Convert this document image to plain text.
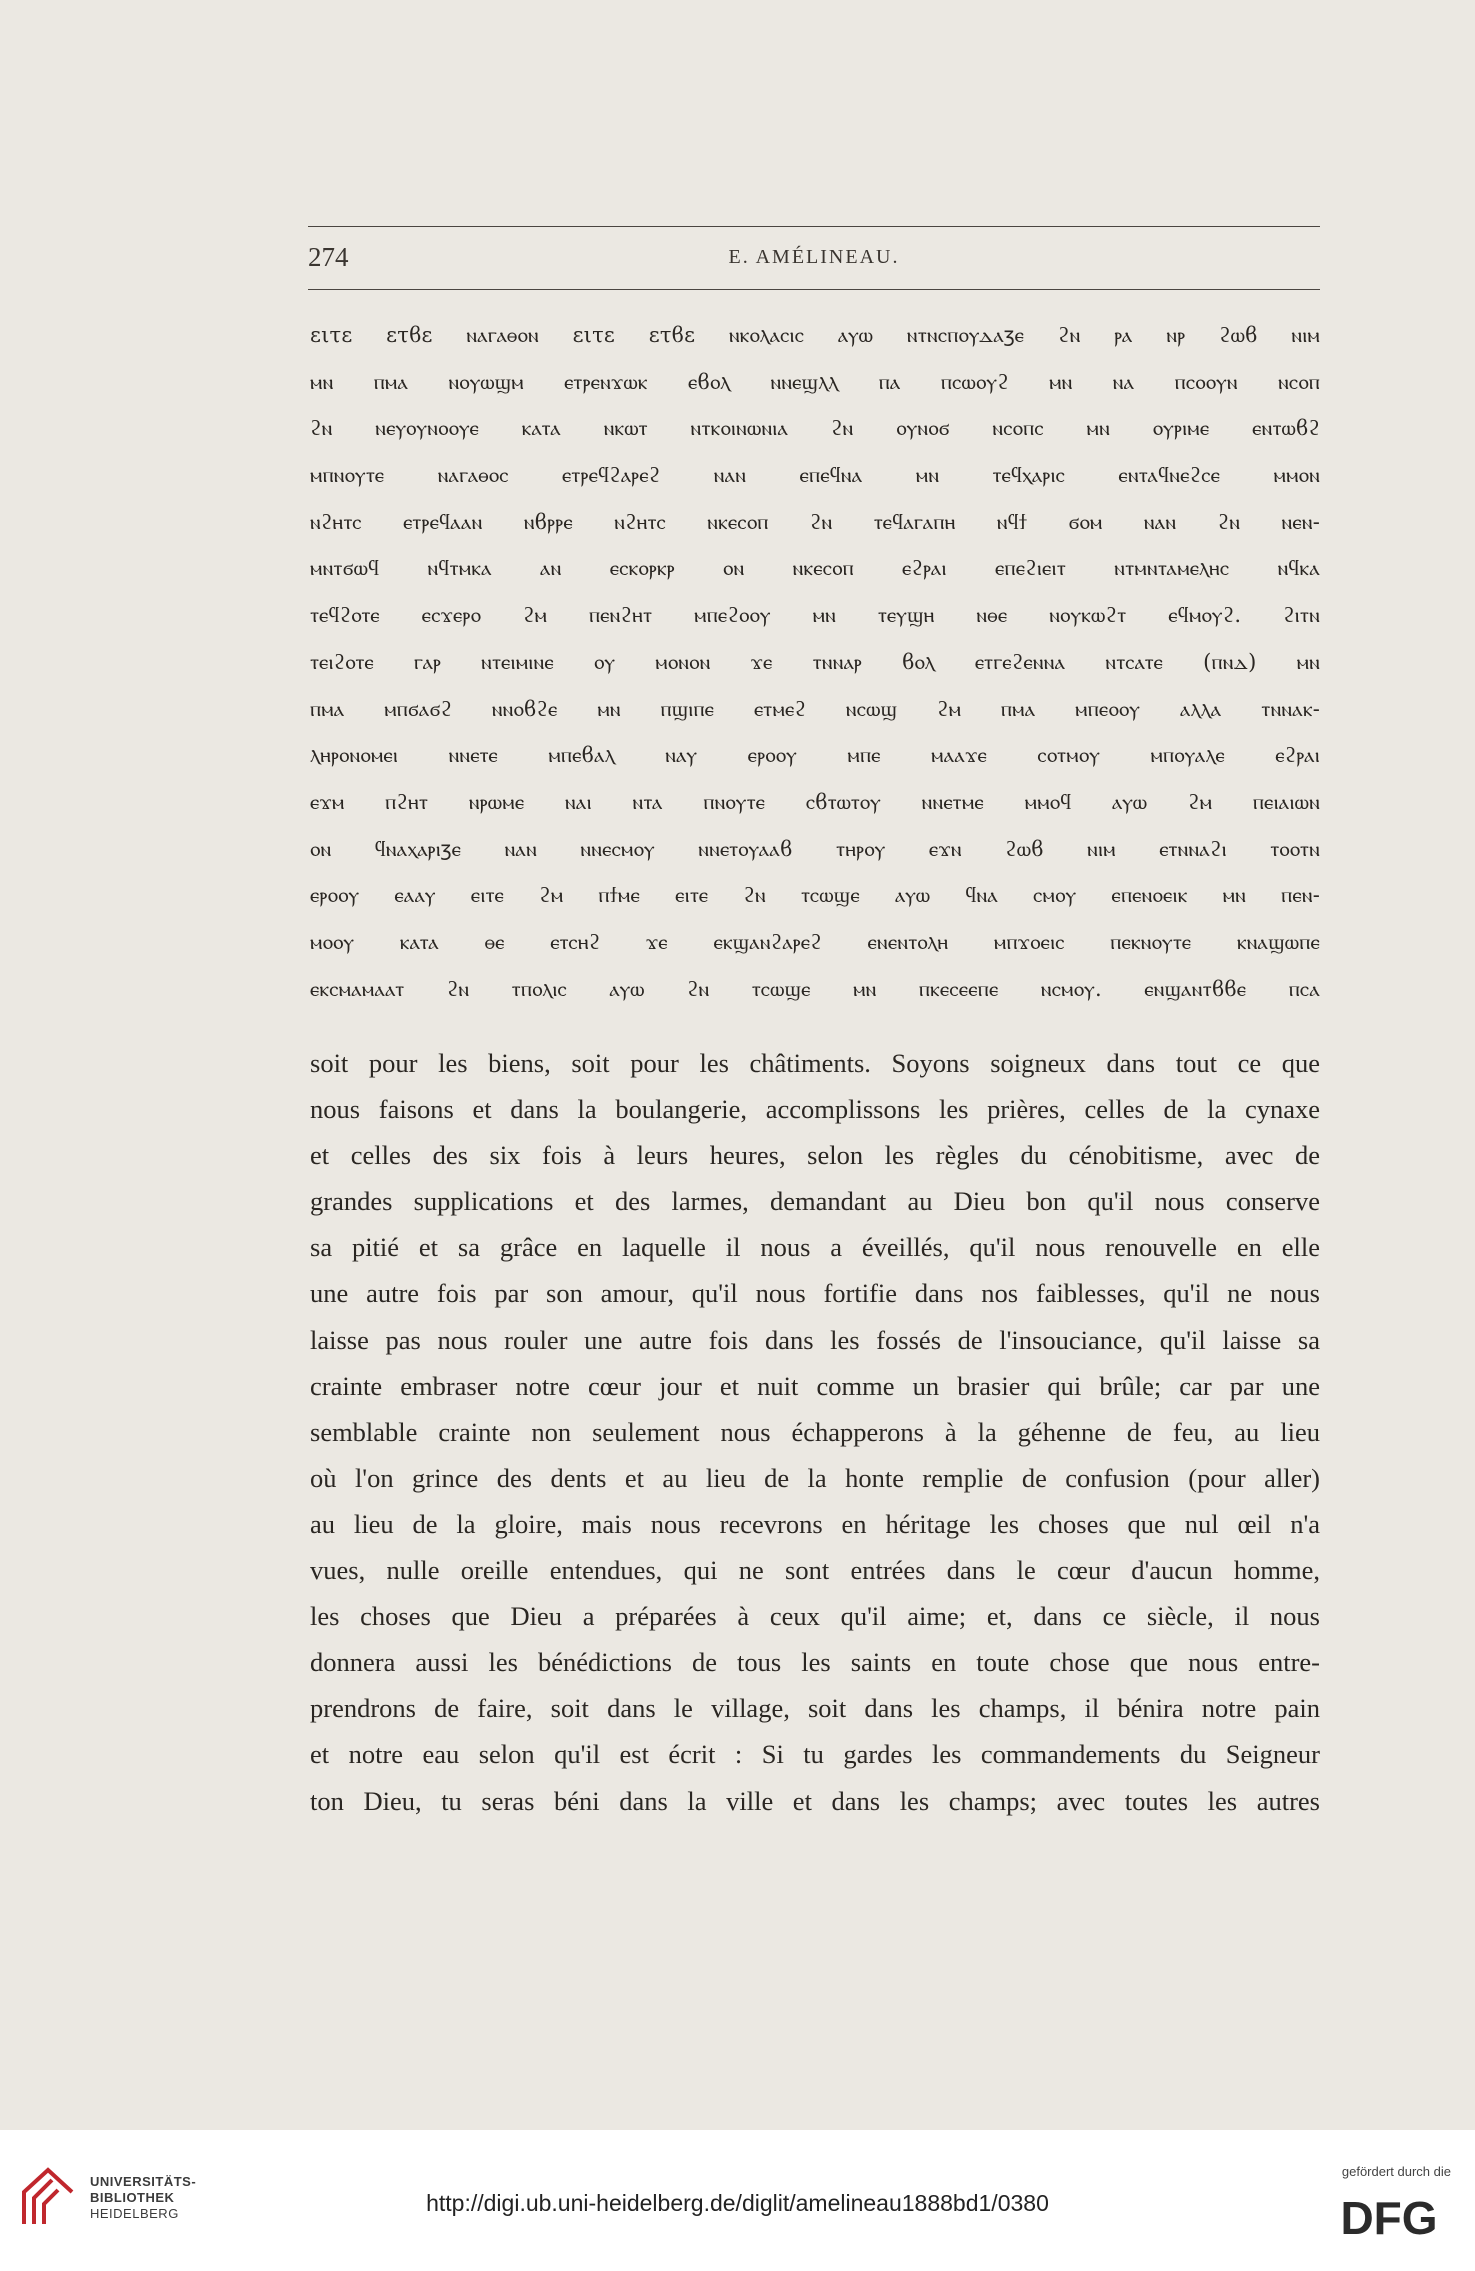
274	E. AMÉLINEAU.
ειτε ετϐε ⲛⲁⲅⲁⲑⲟⲛ ειτε ετϐε ⲛⲕⲟⲗⲁⲥⲓⲥ ⲁⲩⲱ ⲛⲧⲛⲥⲡⲟⲩⲇⲁⳅⲉ ϩⲛ ⲣⲁ ⲛⲣ ϩⲱϐ ⲛⲓⲙ
ⲙⲛ ⲡⲙⲁ ⲛⲟⲩⲱϣⲙ ⲉⲧⲣⲉⲛϫⲱⲕ ⲉϐⲟⲗ ⲛⲛⲉϣⲗⲗ ⲡⲁ ⲡⲥⲱⲟⲩϩ ⲙⲛ ⲛⲁ ⲡⲥⲟⲟⲩⲛ ⲛⲥⲟⲡ
ϩⲛ ⲛⲉⲩⲟⲩⲛⲟⲟⲩⲉ ⲕⲁⲧⲁ ⲛⲕⲱⲧ ⲛⲧⲕⲟⲓⲛⲱⲛⲓⲁ ϩⲛ ⲟⲩⲛⲟϭ ⲛⲥⲟⲡⲥ ⲙⲛ ⲟⲩⲣⲓⲙⲉ ⲉⲛⲧⲱϐϩ
ⲙⲡⲛⲟⲩⲧⲉ ⲛⲁⲅⲁⲑⲟⲥ ⲉⲧⲣⲉϥϩⲁⲣⲉϩ ⲛⲁⲛ ⲉⲡⲉϥⲛⲁ ⲙⲛ ⲧⲉϥⲭⲁⲣⲓⲥ ⲉⲛⲧⲁϥⲛⲉϩⲥⲉ ⲙⲙⲟⲛ
ⲛϩⲏⲧⲥ ⲉⲧⲣⲉϥⲁⲁⲛ ⲛϐⲣⲣⲉ ⲛϩⲏⲧⲥ ⲛⲕⲉⲥⲟⲡ ϩⲛ ⲧⲉϥⲁⲅⲁⲡⲏ ⲛϥϯ ϭⲟⲙ ⲛⲁⲛ ϩⲛ ⲛⲉⲛ-
ⲙⲛⲧϭⲱϥ ⲛϥⲧⲙⲕⲁ ⲁⲛ ⲉⲥⲕⲟⲣⲕⲣ ⲟⲛ ⲛⲕⲉⲥⲟⲡ ⲉϩⲣⲁⲓ ⲉⲡⲉϩⲓⲉⲓⲧ ⲛⲧⲙⲛⲧⲁⲙⲉⲗⲏⲥ ⲛϥⲕⲁ
ⲧⲉϥϩⲟⲧⲉ ⲉⲥϫⲉⲣⲟ ϩⲙ ⲡⲉⲛϩⲏⲧ ⲙⲡⲉϩⲟⲟⲩ ⲙⲛ ⲧⲉⲩϣⲏ ⲛⲑⲉ ⲛⲟⲩⲕⲱϩⲧ ⲉϥⲙⲟⲩϩ. ϩⲓⲧⲛ
ⲧⲉⲓϩⲟⲧⲉ ⲅⲁⲣ ⲛⲧⲉⲓⲙⲓⲛⲉ ⲟⲩ ⲙⲟⲛⲟⲛ ϫⲉ ⲧⲛⲛⲁⲣ ϐⲟⲗ ⲉⲧⲅⲉϩⲉⲛⲛⲁ ⲛⲧⲥⲁⲧⲉ (ⲡⲛⲇ) ⲙⲛ
ⲡⲙⲁ ⲙⲡϭⲁϭϩ ⲛⲛⲟϐϩⲉ ⲙⲛ ⲡϣⲓⲡⲉ ⲉⲧⲙⲉϩ ⲛⲥⲱϣ ϩⲙ ⲡⲙⲁ ⲙⲡⲉⲟⲟⲩ ⲁⲗⲗⲁ ⲧⲛⲛⲁⲕ-
ⲗⲏⲣⲟⲛⲟⲙⲉⲓ ⲛⲛⲉⲧⲉ ⲙⲡⲉϐⲁⲗ ⲛⲁⲩ ⲉⲣⲟⲟⲩ ⲙⲡⲉ ⲙⲁⲁϫⲉ ⲥⲟⲧⲙⲟⲩ ⲙⲡⲟⲩⲁⲗⲉ ⲉϩⲣⲁⲓ
ⲉϫⲙ ⲡϩⲏⲧ ⲛⲣⲱⲙⲉ ⲛⲁⲓ ⲛⲧⲁ ⲡⲛⲟⲩⲧⲉ ⲥϐⲧⲱⲧⲟⲩ ⲛⲛⲉⲧⲙⲉ ⲙⲙⲟϥ ⲁⲩⲱ ϩⲙ ⲡⲉⲓⲁⲓⲱⲛ
ⲟⲛ ϥⲛⲁⲭⲁⲣⲓⳅⲉ ⲛⲁⲛ ⲛⲛⲉⲥⲙⲟⲩ ⲛⲛⲉⲧⲟⲩⲁⲁϐ ⲧⲏⲣⲟⲩ ⲉϫⲛ ϩⲱϐ ⲛⲓⲙ ⲉⲧⲛⲛⲁϩⲓ ⲧⲟⲟⲧⲛ
ⲉⲣⲟⲟⲩ ⲉⲁⲁⲩ ⲉⲓⲧⲉ ϩⲙ ⲡϯⲙⲉ ⲉⲓⲧⲉ ϩⲛ ⲧⲥⲱϣⲉ ⲁⲩⲱ ϥⲛⲁ ⲥⲙⲟⲩ ⲉⲡⲉⲛⲟⲉⲓⲕ ⲙⲛ ⲡⲉⲛ-
ⲙⲟⲟⲩ ⲕⲁⲧⲁ ⲑⲉ ⲉⲧⲥⲏϩ ϫⲉ ⲉⲕϣⲁⲛϩⲁⲣⲉϩ ⲉⲛⲉⲛⲧⲟⲗⲏ ⲙⲡϫⲟⲉⲓⲥ ⲡⲉⲕⲛⲟⲩⲧⲉ ⲕⲛⲁϣⲱⲡⲉ
ⲉⲕⲥⲙⲁⲙⲁⲁⲧ ϩⲛ ⲧⲡⲟⲗⲓⲥ ⲁⲩⲱ ϩⲛ ⲧⲥⲱϣⲉ ⲙⲛ ⲡⲕⲉⲥⲉⲉⲡⲉ ⲛⲥⲙⲟⲩ. ⲉⲛϣⲁⲛⲧϐϐⲉ ⲡⲥⲁ
soit pour les biens, soit pour les châtiments. Soyons soigneux dans tout ce que
nous faisons et dans la boulangerie, accomplissons les prières, celles de la cynaxe
et celles des six fois à leurs heures, selon les règles du cénobitisme, avec de
grandes supplications et des larmes, demandant au Dieu bon qu'il nous conserve
sa pitié et sa grâce en laquelle il nous a éveillés, qu'il nous renouvelle en elle
une autre fois par son amour, qu'il nous fortifie dans nos faiblesses, qu'il ne nous
laisse pas nous rouler une autre fois dans les fossés de l'insouciance, qu'il laisse sa
crainte embraser notre cœur jour et nuit comme un brasier qui brûle; car par une
semblable crainte non seulement nous échapperons à la géhenne de feu, au lieu
où l'on grince des dents et au lieu de la honte remplie de confusion (pour aller)
au lieu de la gloire, mais nous recevrons en héritage les choses que nul œil n'a
vues, nulle oreille entendues, qui ne sont entrées dans le cœur d'aucun homme,
les choses que Dieu a préparées à ceux qu'il aime; et, dans ce siècle, il nous
donnera aussi les bénédictions de tous les saints en toute chose que nous entre-
prendrons de faire, soit dans le village, soit dans les champs, il bénira notre pain
et notre eau selon qu'il est écrit : Si tu gardes les commandements du Seigneur
ton Dieu, tu seras béni dans la ville et dans les champs; avec toutes les autres
UNIVERSITÄTS-
BIBLIOTHEK
HEIDELBERG	http://digi.ub.uni-heidelberg.de/diglit/amelineau1888bd1/0380
gefördert durch die
DFG
